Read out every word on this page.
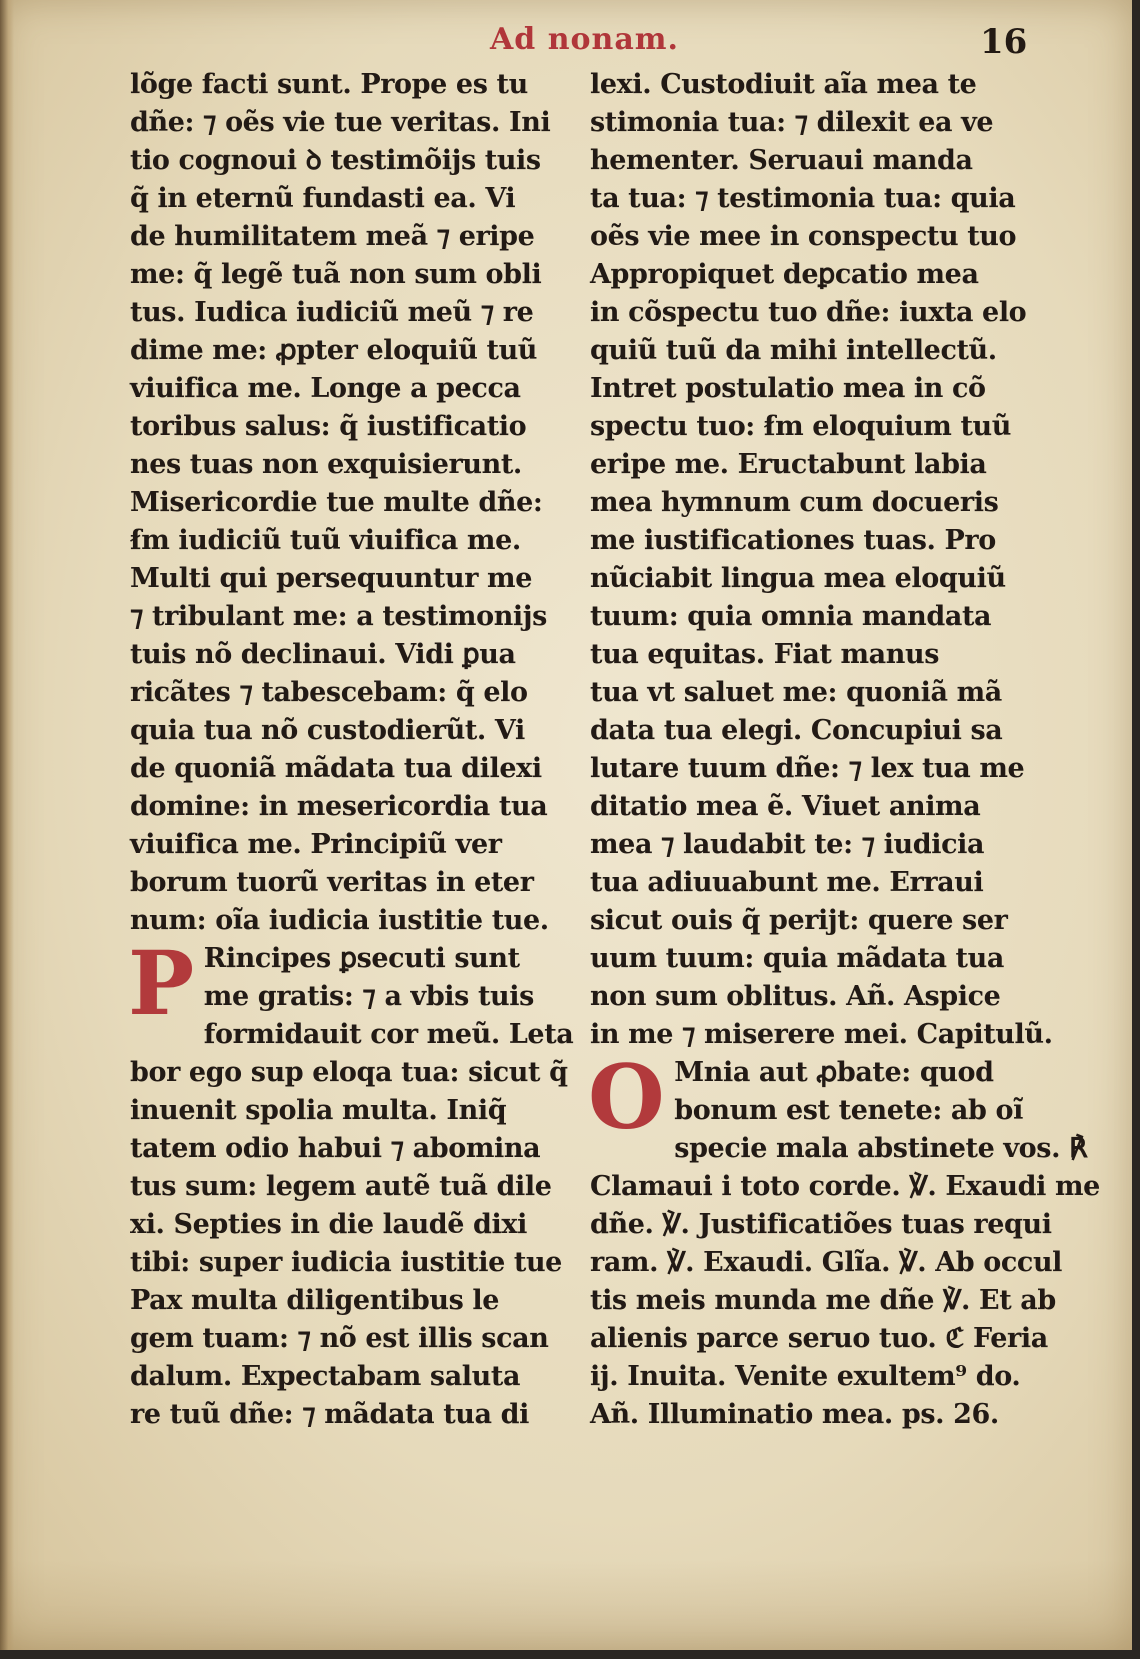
Ad nonam.	16
lõge facti sunt. Prope es tu
dñe: ⁊ oẽs vie tue veritas. Ini
tio cognoui ꝺ testimõijs tuis
q̃ in eternũ fundasti ea. Vi
de humilitatem meã ⁊ eripe
me: q̃ legẽ tuã non sum obli
tus. Iudica iudiciũ meũ ⁊ re
dime me: ꝓpter eloquiũ tuũ
viuifica me. Longe a pecca
toribus salus: q̃ iustificatio
nes tuas non exquisierunt.
Misericordie tue multe dñe:
ẜm iudiciũ tuũ viuifica me.
Multi qui persequuntur me
⁊ tribulant me: a testimonijs
tuis nõ declinaui. Vidi ꝑua
ricãtes ⁊ tabescebam: q̃ elo
quia tua nõ custodierũt. Vi
de quoniã mãdata tua dilexi
domine: in mesericordia tua
viuifica me. Principiũ ver
borum tuorũ veritas in eter
num: oĩa iudicia iustitie tue.
P Rincipes ꝑsecuti sunt
me gratis: ⁊ a vbis tuis
formidauit cor meũ. Leta
bor ego sup eloqa tua: sicut q̃
inuenit spolia multa. Iniq̃
tatem odio habui ⁊ abomina
tus sum: legem autẽ tuã dile
xi. Septies in die laudẽ dixi
tibi: super iudicia iustitie tue
Pax multa diligentibus le
gem tuam: ⁊ nõ est illis scan
dalum. Expectabam saluta
re tuũ dñe: ⁊ mãdata tua di
lexi. Custodiuit aĩa mea te
stimonia tua: ⁊ dilexit ea ve
hementer. Seruaui manda
ta tua: ⁊ testimonia tua: quia
oẽs vie mee in conspectu tuo
Appropiquet deꝑcatio mea
in cõspectu tuo dñe: iuxta elo
quiũ tuũ da mihi intellectũ.
Intret postulatio mea in cõ
spectu tuo: ẜm eloquium tuũ
eripe me. Eructabunt labia
mea hymnum cum docueris
me iustificationes tuas. Pro
nũciabit lingua mea eloquiũ
tuum: quia omnia mandata
tua equitas. Fiat manus
tua vt saluet me: quoniã mã
data tua elegi. Concupiui sa
lutare tuum dñe: ⁊ lex tua me
ditatio mea ẽ. Viuet anima
mea ⁊ laudabit te: ⁊ iudicia
tua adiuuabunt me. Erraui
sicut ouis q̃ perijt: quere ser
uum tuum: quia mãdata tua
non sum oblitus. Añ. Aspice
in me ⁊ miserere mei. Capitulũ.
O Mnia aut ꝓbate: quod
bonum est tenete: ab oĩ
specie mala abstinete vos. ℟
Clamaui i toto corde. ℣. Exaudi me
dñe. ℣. Justificatiões tuas requi
ram. ℣. Exaudi. Glĩa. ℣. Ab occul
tis meis munda me dñe ℣. Et ab
alienis parce seruo tuo. ℭ Feria
ij. Inuita. Venite exultem⁹ do.
Añ. Illuminatio mea. ps. 26.
